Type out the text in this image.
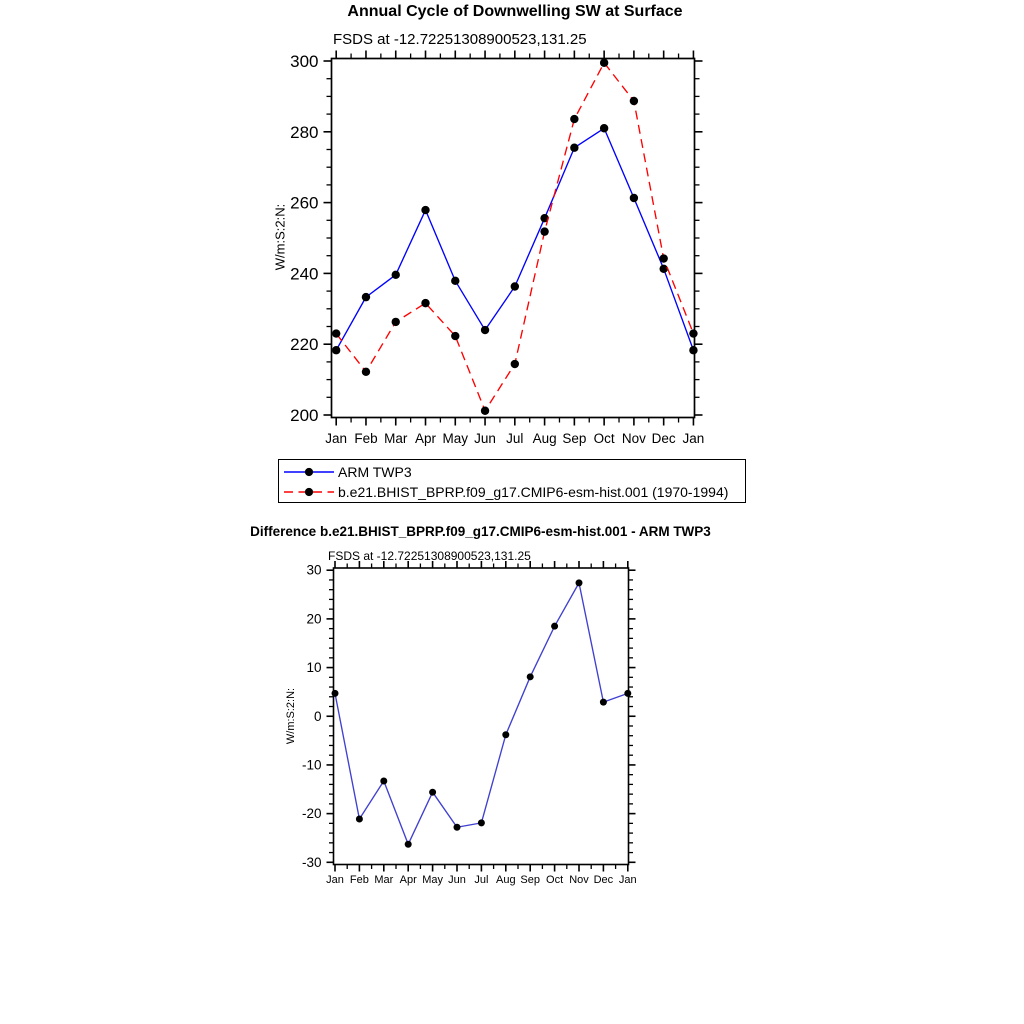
Jan Feb Mar Apr May Jun Jul Aug Sep Oct Nov Dec Jan
200
220
240
260
280
300
Jan Feb Mar Apr May Jun Jul Aug Sep Oct Nov Dec Jan
-30
-20
-10
0
10
20
30
Annual Cycle of Downwelling SW at Surface
FSDS at -12.72251308900523,131.25
W/m:S:2:N:
ARM TWP3
b.e21.BHIST_BPRP.f09_g17.CMIP6-esm-hist.001 (1970-1994)
Difference b.e21.BHIST_BPRP.f09_g17.CMIP6-esm-hist.001 - ARM TWP3
FSDS at -12.72251308900523,131.25
W/m:S:2:N:
